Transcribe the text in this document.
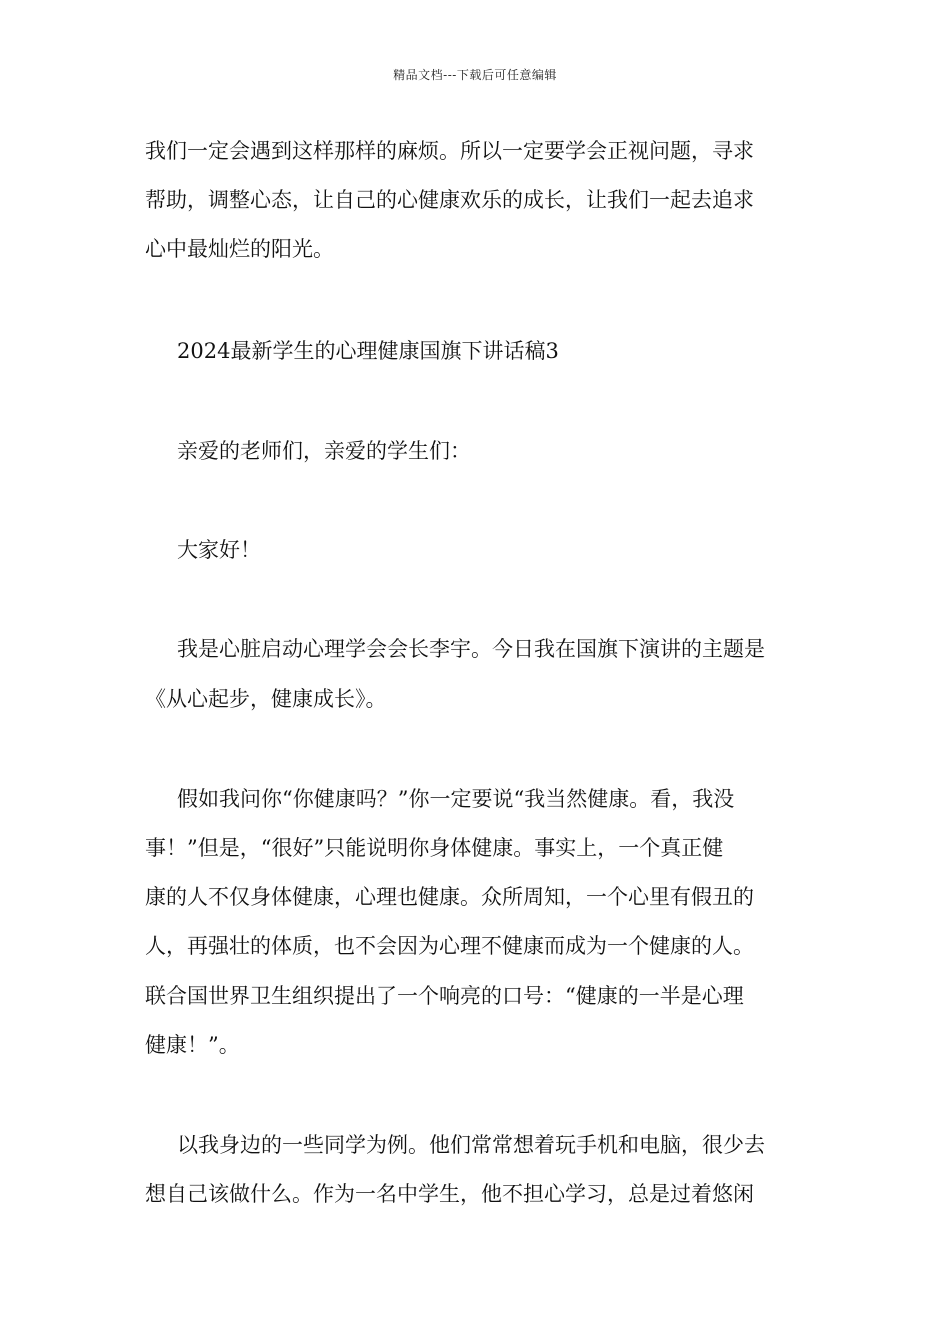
精品文档---下载后可任意编辑
我们一定会遇到这样那样的麻烦。所以一定要学会正视问题，寻求
帮助，调整心态，让自己的心健康欢乐的成长，让我们一起去追求
心中最灿烂的阳光。
2024最新学生的心理健康国旗下讲话稿3
亲爱的老师们，亲爱的学生们：
大家好！
我是心脏启动心理学会会长李宇。今日我在国旗下演讲的主题是
《从心起步，健康成长》。
假如我问你“你健康吗？”你一定要说“我当然健康。看，我没
事！”但是，“很好”只能说明你身体健康。事实上，一个真正健
康的人不仅身体健康，心理也健康。众所周知，一个心里有假丑的
人，再强壮的体质，也不会因为心理不健康而成为一个健康的人。
联合国世界卫生组织提出了一个响亮的口号：“健康的一半是心理
健康！”。
以我身边的一些同学为例。他们常常想着玩手机和电脑，很少去
想自己该做什么。作为一名中学生，他不担心学习，总是过着悠闲
